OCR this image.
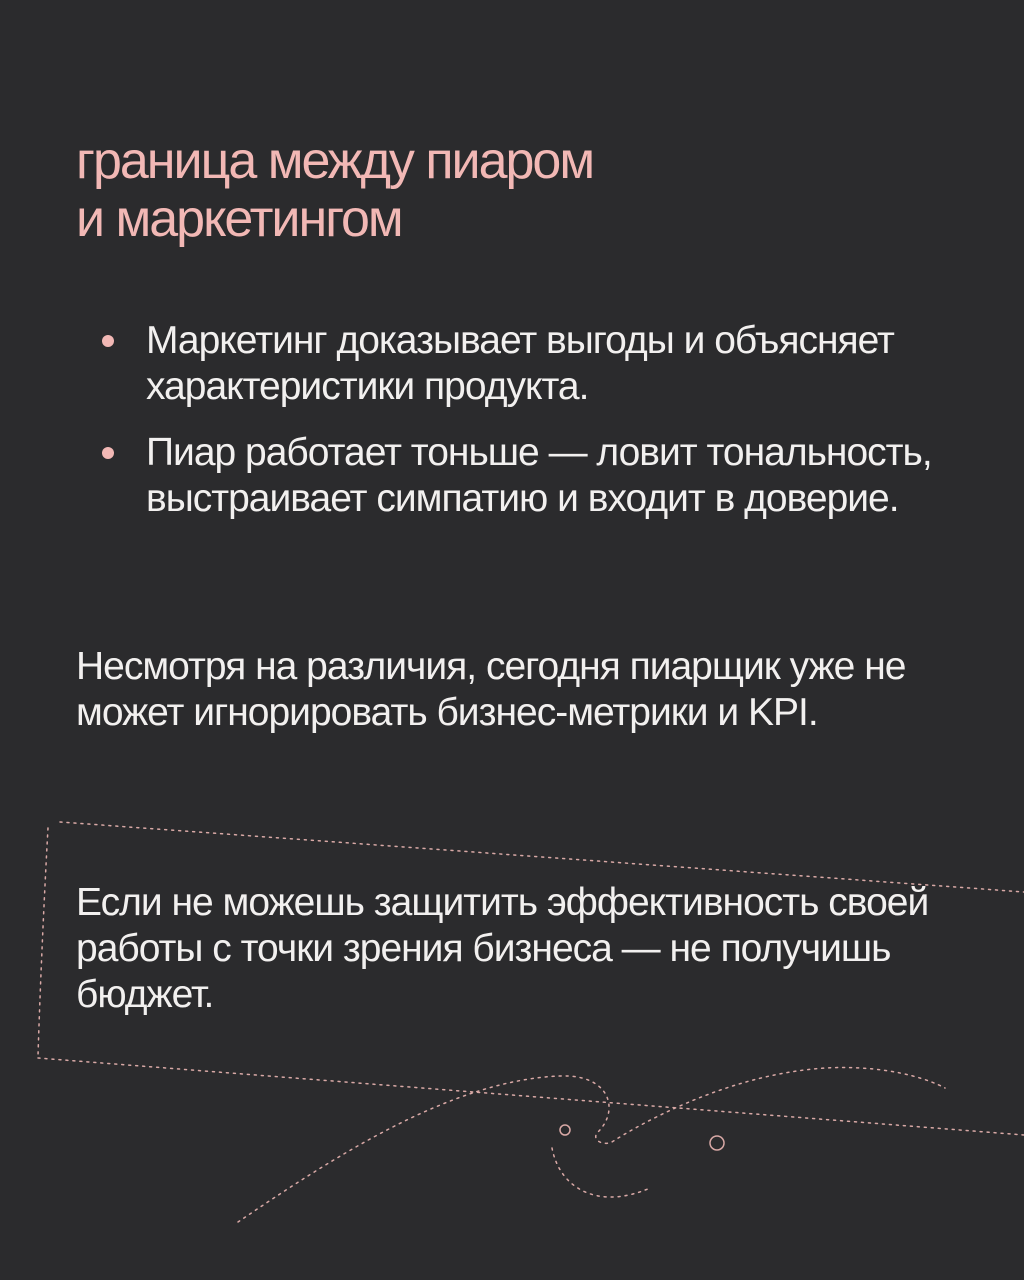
граница между пиаром
и маркетингом
Маркетинг доказывает выгоды и объясняет характеристики продукта.
Пиар работает тоньше — ловит тональность, выстраивает симпатию и входит в доверие.

Несмотря на различия, сегодня пиарщик уже не может игнорировать бизнес-метрики и KPI.

Если не можешь защитить эффективность своей работы с точки зрения бизнеса — не получишь бюджет.
